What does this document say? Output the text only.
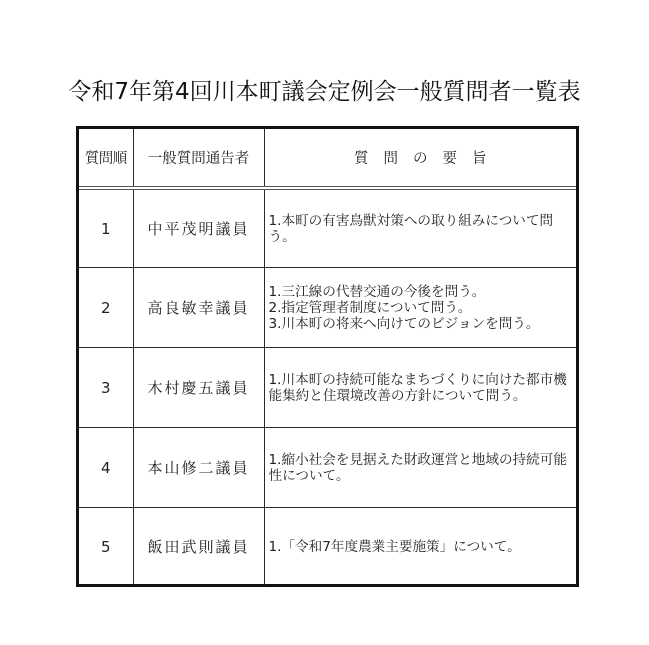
令和7年第4回川本町議会定例会一般質問者一覧表
質問順	一般質問通告者	質問の要旨
1	中平茂明議員	1.本町の有害鳥獣対策への取り組みについて問う。

2	高良敏幸議員	1.三江線の代替交通の今後を問う。
2.指定管理者制度について問う。
3.川本町の将来へ向けてのビジョンを問う。

3	木村慶五議員	1.川本町の持続可能なまちづくりに向けた都市機能集約と住環境改善の方針について問う。

4	本山修二議員	1.縮小社会を見据えた財政運営と地域の持続可能性について。

5	飯田武則議員	1.「令和7年度農業主要施策」について。
